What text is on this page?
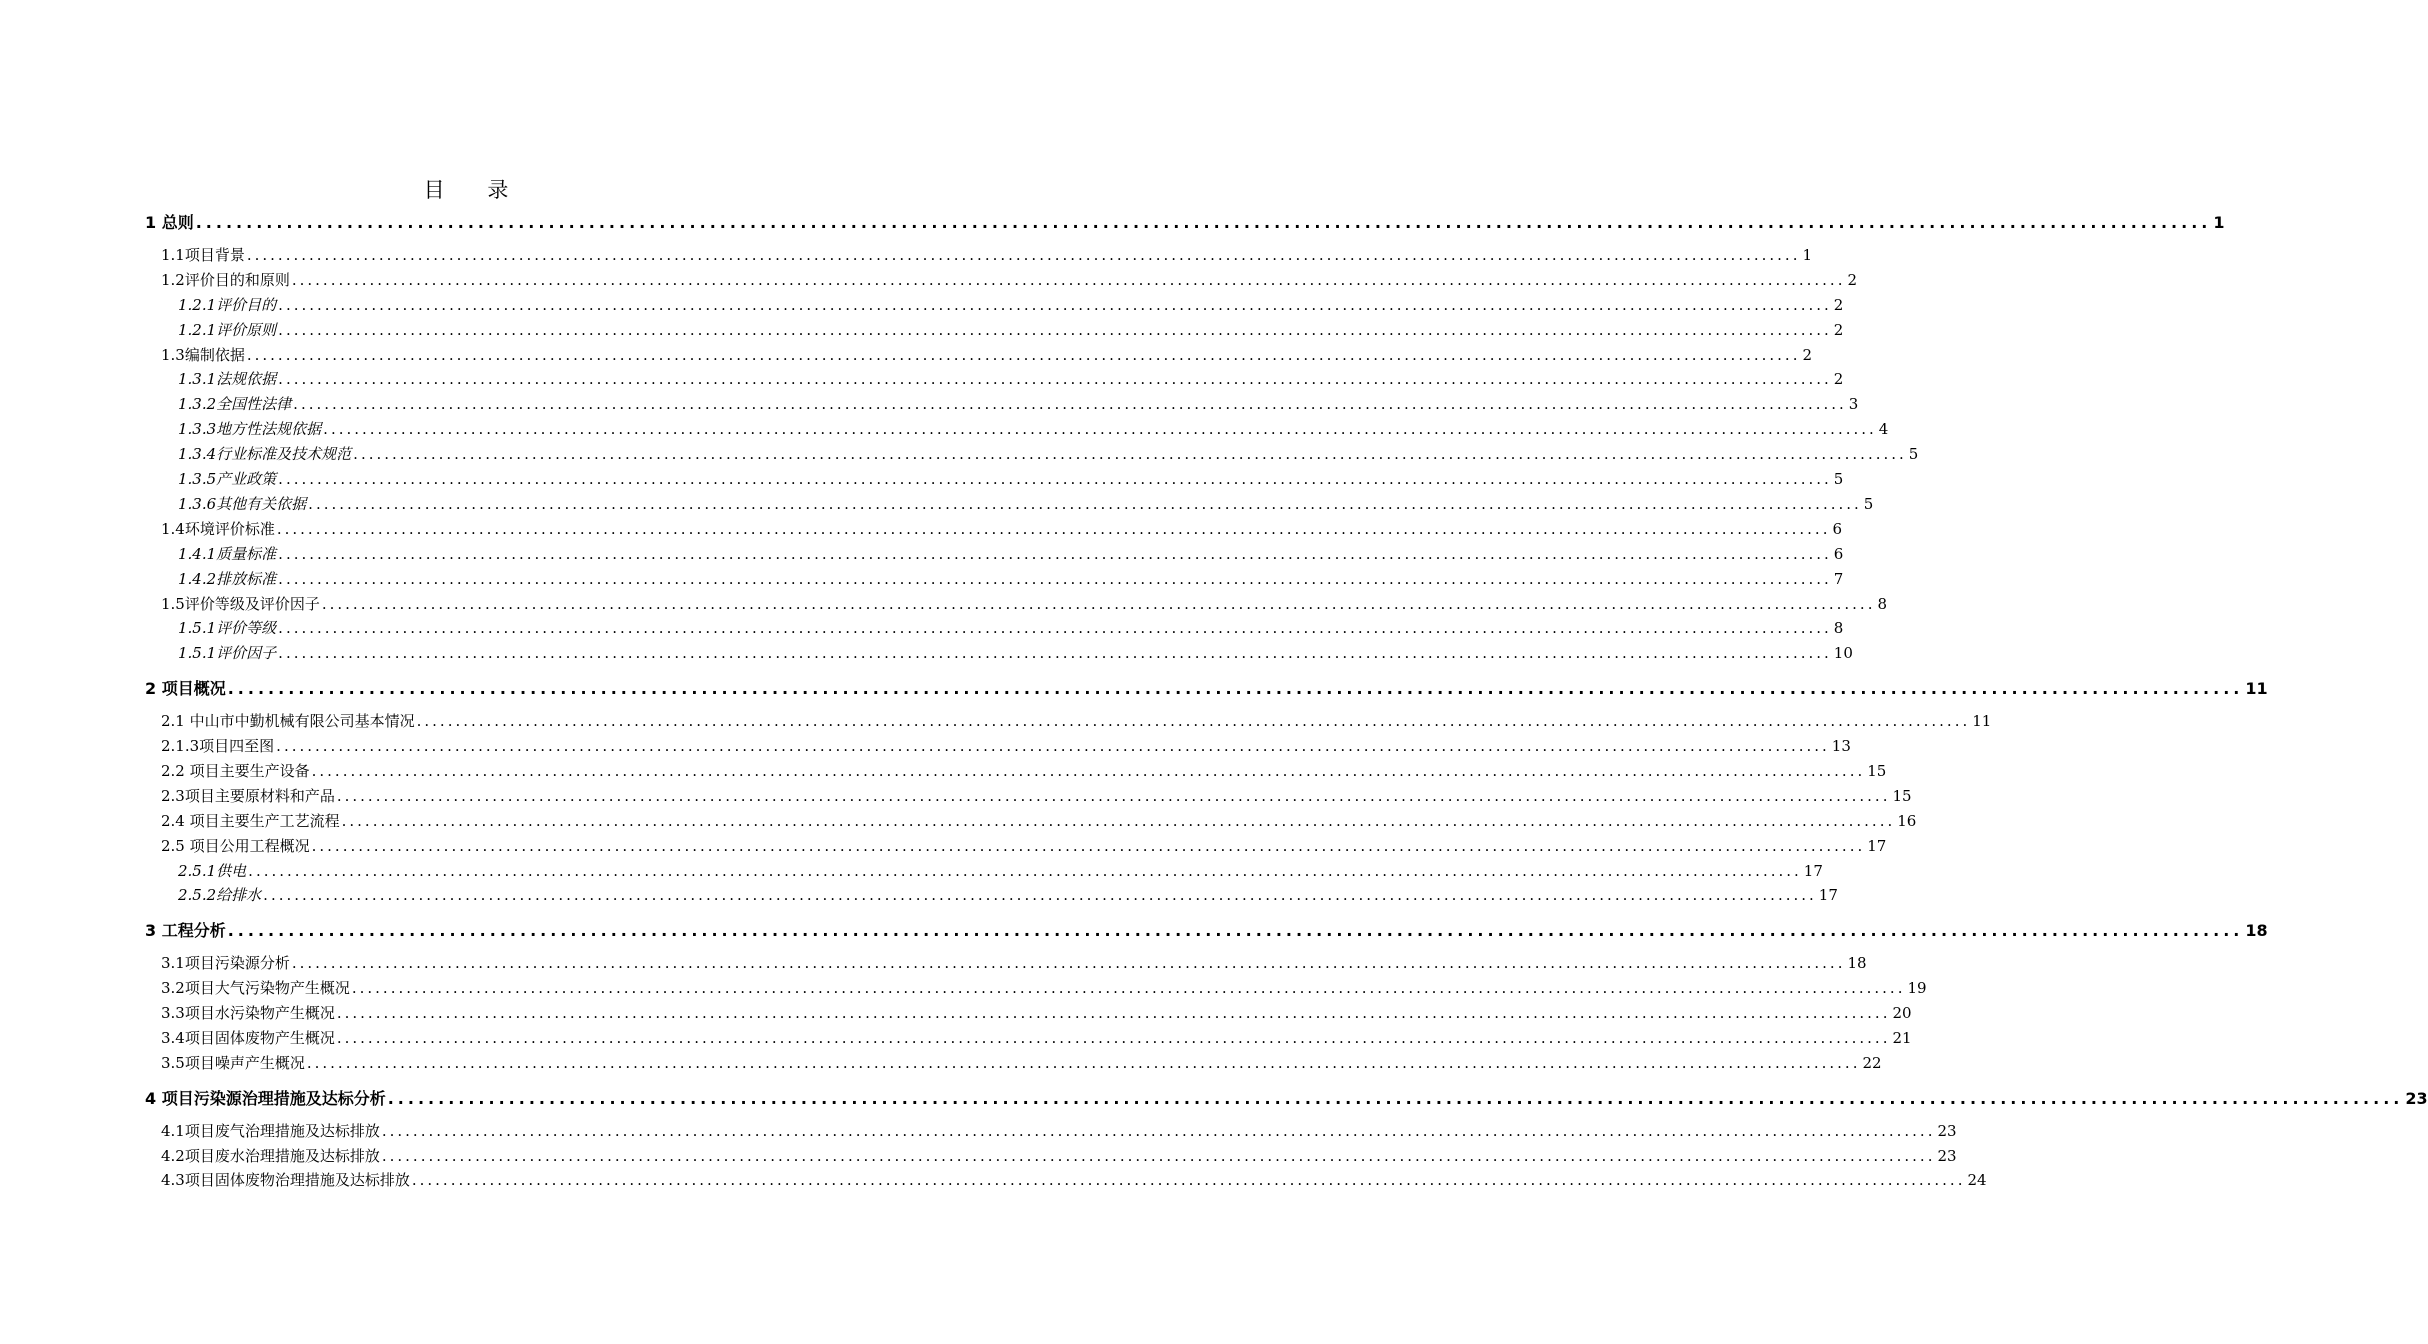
目 录
1 总则 ........................................................................................................................................................................................................ 1
1.1项目背景 ........................................................................................................................................................................................................ 1
1.2评价目的和原则 ........................................................................................................................................................................................................ 2
1.2.1评价目的 ........................................................................................................................................................................................................ 2
1.2.1评价原则 ........................................................................................................................................................................................................ 2
1.3编制依据 ........................................................................................................................................................................................................ 2
1.3.1法规依据 ........................................................................................................................................................................................................ 2
1.3.2全国性法律 ........................................................................................................................................................................................................ 3
1.3.3地方性法规依据 ........................................................................................................................................................................................................ 4
1.3.4行业标准及技术规范 ........................................................................................................................................................................................................ 5
1.3.5产业政策 ........................................................................................................................................................................................................ 5
1.3.6其他有关依据 ........................................................................................................................................................................................................ 5
1.4环境评价标准 ........................................................................................................................................................................................................ 6
1.4.1质量标准 ........................................................................................................................................................................................................ 6
1.4.2排放标准 ........................................................................................................................................................................................................ 7
1.5评价等级及评价因子 ........................................................................................................................................................................................................ 8
1.5.1评价等级 ........................................................................................................................................................................................................ 8
1.5.1评价因子 ........................................................................................................................................................................................................ 10
2 项目概况 ........................................................................................................................................................................................................ 11
2.1 中山市中勤机械有限公司基本情况 ........................................................................................................................................................................................................ 11
2.1.3项目四至图 ........................................................................................................................................................................................................ 13
2.2 项目主要生产设备 ........................................................................................................................................................................................................ 15
2.3项目主要原材料和产品 ........................................................................................................................................................................................................ 15
2.4 项目主要生产工艺流程 ........................................................................................................................................................................................................ 16
2.5 项目公用工程概况 ........................................................................................................................................................................................................ 17
2.5.1供电 ........................................................................................................................................................................................................ 17
2.5.2给排水 ........................................................................................................................................................................................................ 17
3 工程分析 ........................................................................................................................................................................................................ 18
3.1项目污染源分析 ........................................................................................................................................................................................................ 18
3.2项目大气污染物产生概况 ........................................................................................................................................................................................................ 19
3.3项目水污染物产生概况 ........................................................................................................................................................................................................ 20
3.4项目固体废物产生概况 ........................................................................................................................................................................................................ 21
3.5项目噪声产生概况 ........................................................................................................................................................................................................ 22
4 项目污染源治理措施及达标分析 ........................................................................................................................................................................................................ 23
4.1项目废气治理措施及达标排放 ........................................................................................................................................................................................................ 23
4.2项目废水治理措施及达标排放 ........................................................................................................................................................................................................ 23
4.3项目固体废物治理措施及达标排放 ........................................................................................................................................................................................................ 24
